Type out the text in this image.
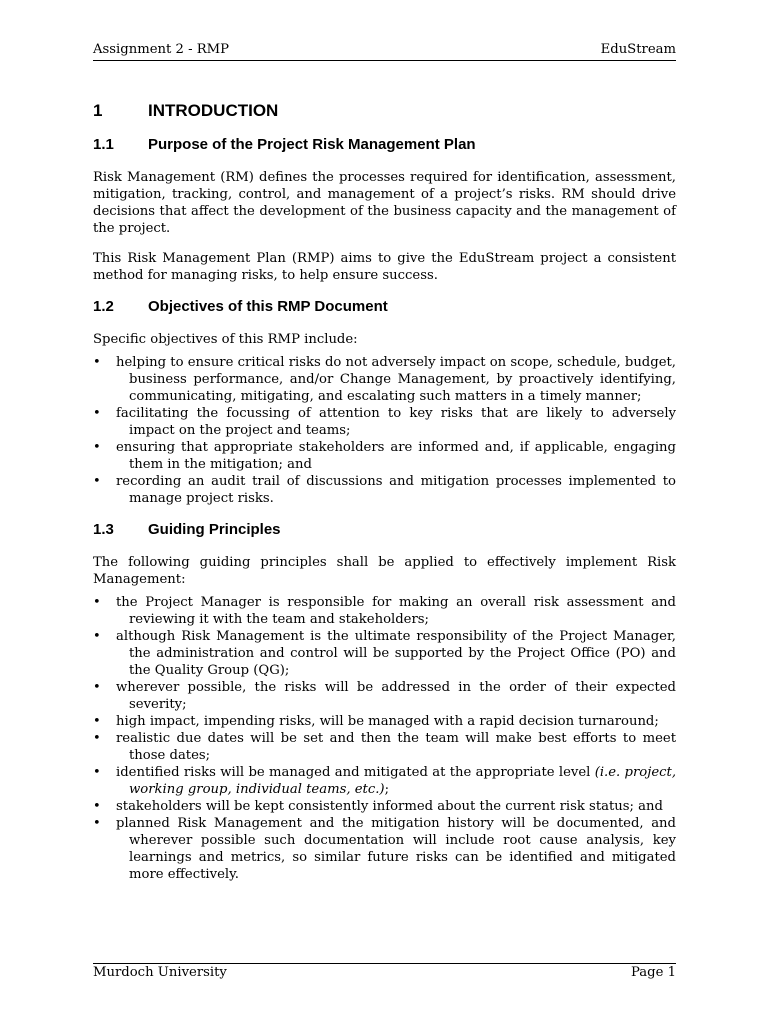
Assignment 2 - RMP	EduStream
1	INTRODUCTION
1.1	Purpose of the Project Risk Management Plan

Risk Management (RM) defines the processes required for identification, assessment, mitigation, tracking, control, and management of a project’s risks. RM should drive decisions that affect the development of the business capacity and the management of the project.

This Risk Management Plan (RMP) aims to give the EduStream project a consistent method for managing risks, to help ensure success.

1.2	Objectives of this RMP Document

Specific objectives of this RMP include:

• helping to ensure critical risks do not adversely impact on scope, schedule, budget, business performance, and/or Change Management, by proactively identifying, communicating, mitigating, and escalating such matters in a timely manner;
• facilitating the focussing of attention to key risks that are likely to adversely impact on the project and teams;
• ensuring that appropriate stakeholders are informed and, if applicable, engaging them in the mitigation; and
• recording an audit trail of discussions and mitigation processes implemented to manage project risks.
1.3	Guiding Principles

The following guiding principles shall be applied to effectively implement Risk Management:

• the Project Manager is responsible for making an overall risk assessment and reviewing it with the team and stakeholders;
• although Risk Management is the ultimate responsibility of the Project Manager, the administration and control will be supported by the Project Office (PO) and the Quality Group (QG);
• wherever possible, the risks will be addressed in the order of their expected severity;
• high impact, impending risks, will be managed with a rapid decision turnaround;
• realistic due dates will be set and then the team will make best efforts to meet those dates;
• identified risks will be managed and mitigated at the appropriate level (i.e. project, working group, individual teams, etc.);
• stakeholders will be kept consistently informed about the current risk status; and
• planned Risk Management and the mitigation history will be documented, and wherever possible such documentation will include root cause analysis, key learnings and metrics, so similar future risks can be identified and mitigated more effectively.
Murdoch University	Page 1
